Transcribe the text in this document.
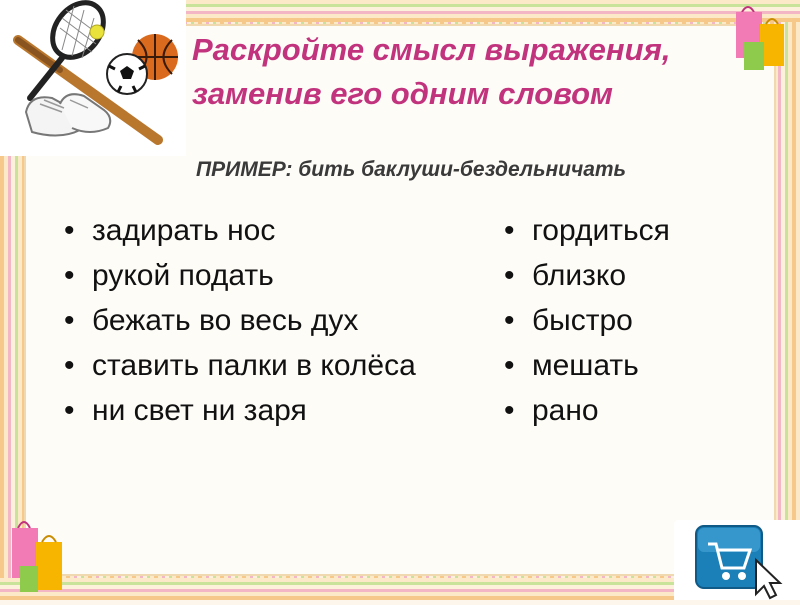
Раскройте смысл выражения,
заменив его одним словом
ПРИМЕР: бить баклуши-бездельничать
• задирать нос
• рукой подать
• бежать во весь дух
• ставить палки в колёса
• ни свет ни заря
• гордиться
• близко
• быстро
• мешать
• рано
